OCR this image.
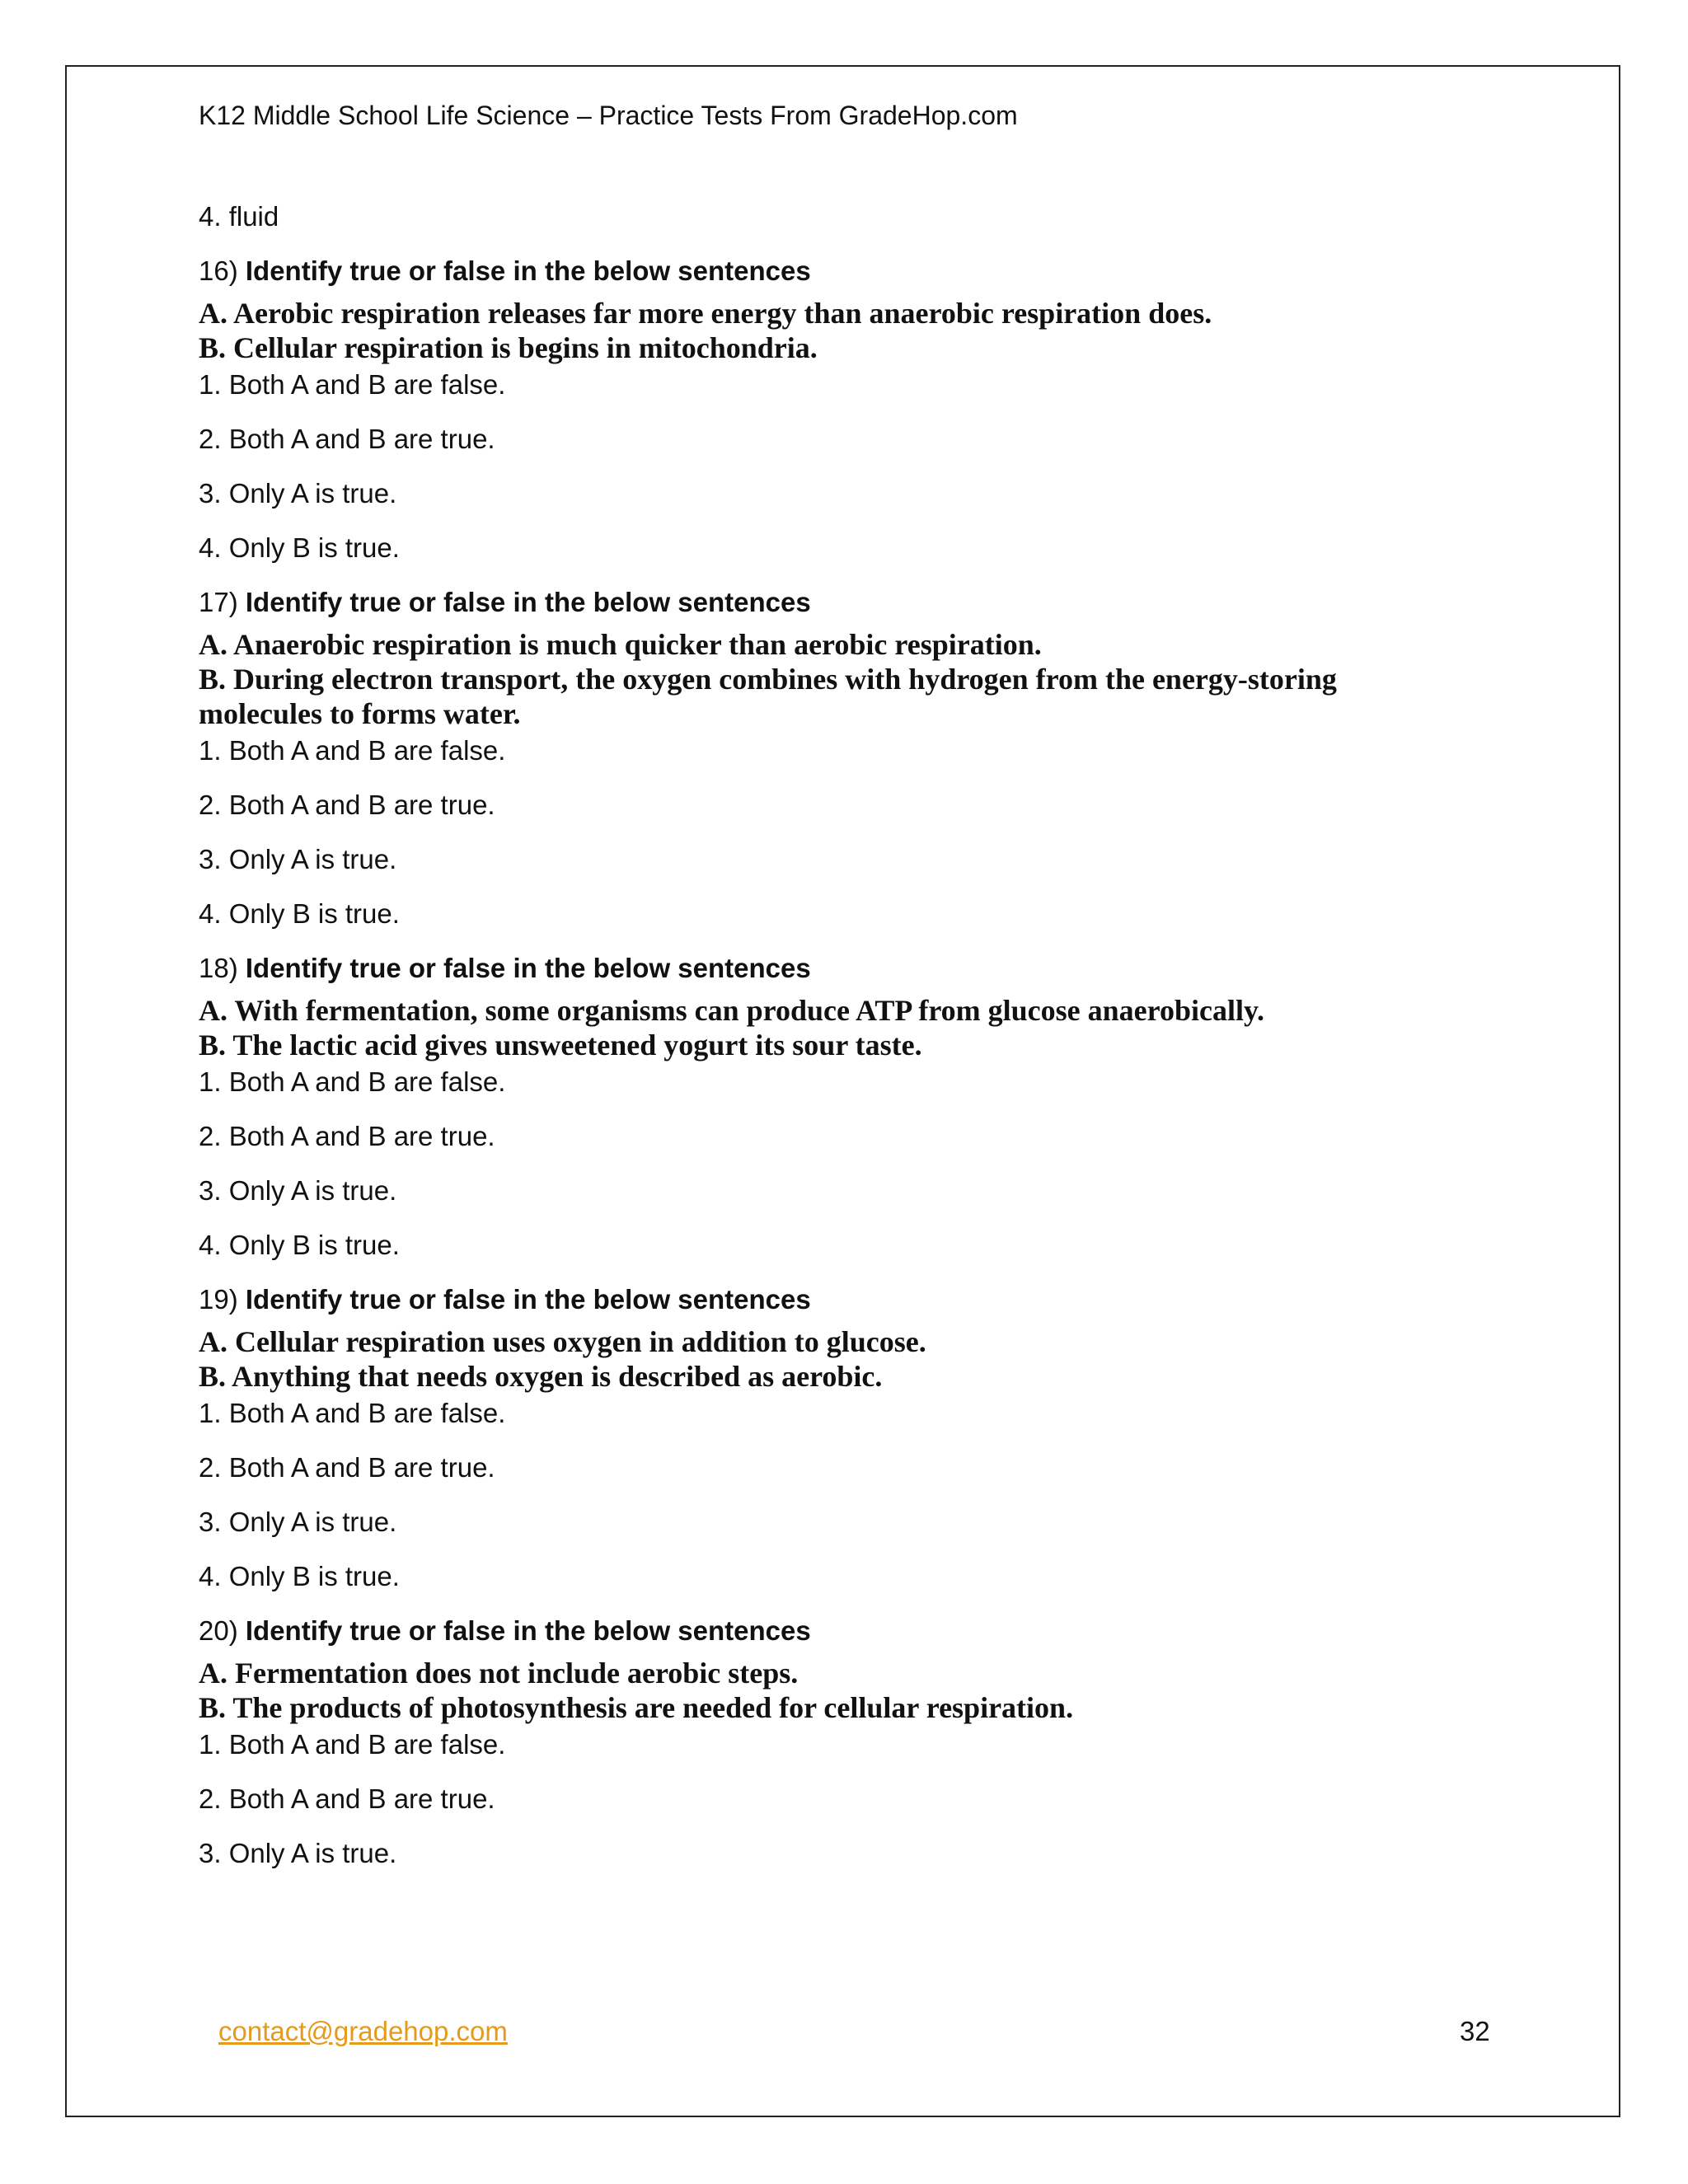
K12 Middle School Life Science – Practice Tests From GradeHop.com
4. fluid
16) Identify true or false in the below sentences
A. Aerobic respiration releases far more energy than anaerobic respiration does.
B. Cellular respiration is begins in mitochondria.
1. Both A and B are false.
2. Both A and B are true.
3. Only A is true.
4. Only B is true.
17) Identify true or false in the below sentences
A. Anaerobic respiration is much quicker than aerobic respiration.
B. During electron transport, the oxygen combines with hydrogen from the energy-storing
molecules to forms water.
1. Both A and B are false.
2. Both A and B are true.
3. Only A is true.
4. Only B is true.
18) Identify true or false in the below sentences
A. With fermentation, some organisms can produce ATP from glucose anaerobically.
B. The lactic acid gives unsweetened yogurt its sour taste.
1. Both A and B are false.
2. Both A and B are true.
3. Only A is true.
4. Only B is true.
19) Identify true or false in the below sentences
A. Cellular respiration uses oxygen in addition to glucose.
B. Anything that needs oxygen is described as aerobic.
1. Both A and B are false.
2. Both A and B are true.
3. Only A is true.
4. Only B is true.
20) Identify true or false in the below sentences
A. Fermentation does not include aerobic steps.
B. The products of photosynthesis are needed for cellular respiration.
1. Both A and B are false.
2. Both A and B are true.
3. Only A is true.
contact@gradehop.com	32
